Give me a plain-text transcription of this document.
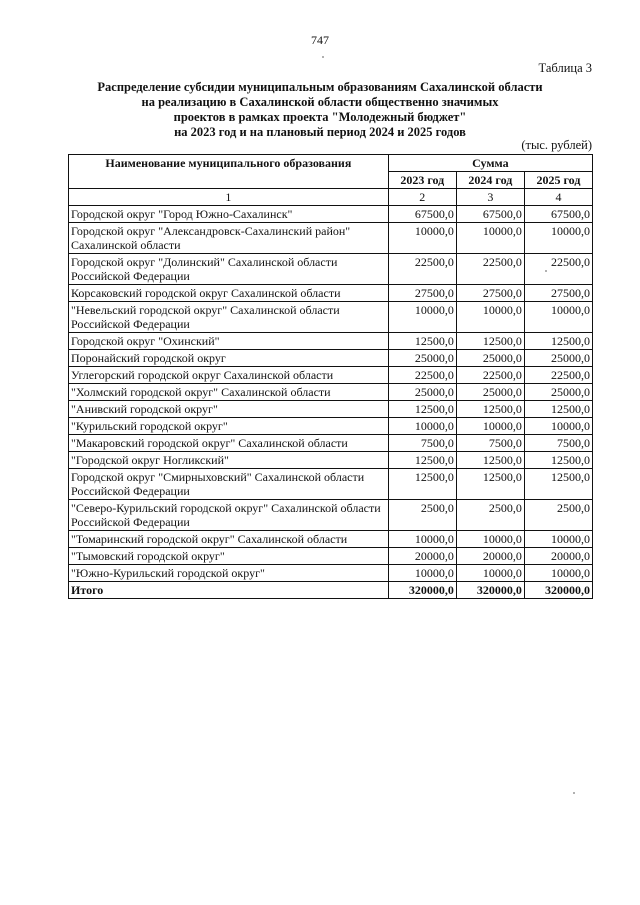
747
Таблица 3
Распределение субсидии муниципальным образованиям Сахалинской области
на реализацию в Сахалинской области общественно значимых
проектов в рамках проекта "Молодежный бюджет"
на 2023 год и на плановый период 2024 и 2025 годов
(тыс. рублей)
Наименование муниципального образования	Сумма		
	2023 год	2024 год	2025 год
1	2	3	4
Городской округ "Город Южно-Сахалинск"	67500,0	67500,0	67500,0
Городской округ "Александровск-Сахалинский район" Сахалинской области	10000,0	10000,0	10000,0
Городской округ "Долинский" Сахалинской области Российской Федерации	22500,0	22500,0	22500,0
Корсаковский городской округ Сахалинской области	27500,0	27500,0	27500,0
"Невельский городской округ" Сахалинской области Российской Федерации	10000,0	10000,0	10000,0
Городской округ "Охинский"	12500,0	12500,0	12500,0
Поронайский городской округ	25000,0	25000,0	25000,0
Углегорский городской округ Сахалинской области	22500,0	22500,0	22500,0
"Холмский городской округ" Сахалинской области	25000,0	25000,0	25000,0
"Анивский городской округ"	12500,0	12500,0	12500,0
"Курильский городской округ"	10000,0	10000,0	10000,0
"Макаровский городской округ" Сахалинской области	7500,0	7500,0	7500,0
"Городской округ Ногликский"	12500,0	12500,0	12500,0
Городской округ "Смирныховский" Сахалинской области Российской Федерации	12500,0	12500,0	12500,0
"Северо-Курильский городской округ" Сахалинской области Российской Федерации	2500,0	2500,0	2500,0
"Томаринский городской округ" Сахалинской области	10000,0	10000,0	10000,0
"Тымовский городской округ"	20000,0	20000,0	20000,0
"Южно-Курильский городской округ"	10000,0	10000,0	10000,0
Итого	320000,0	320000,0	320000,0
